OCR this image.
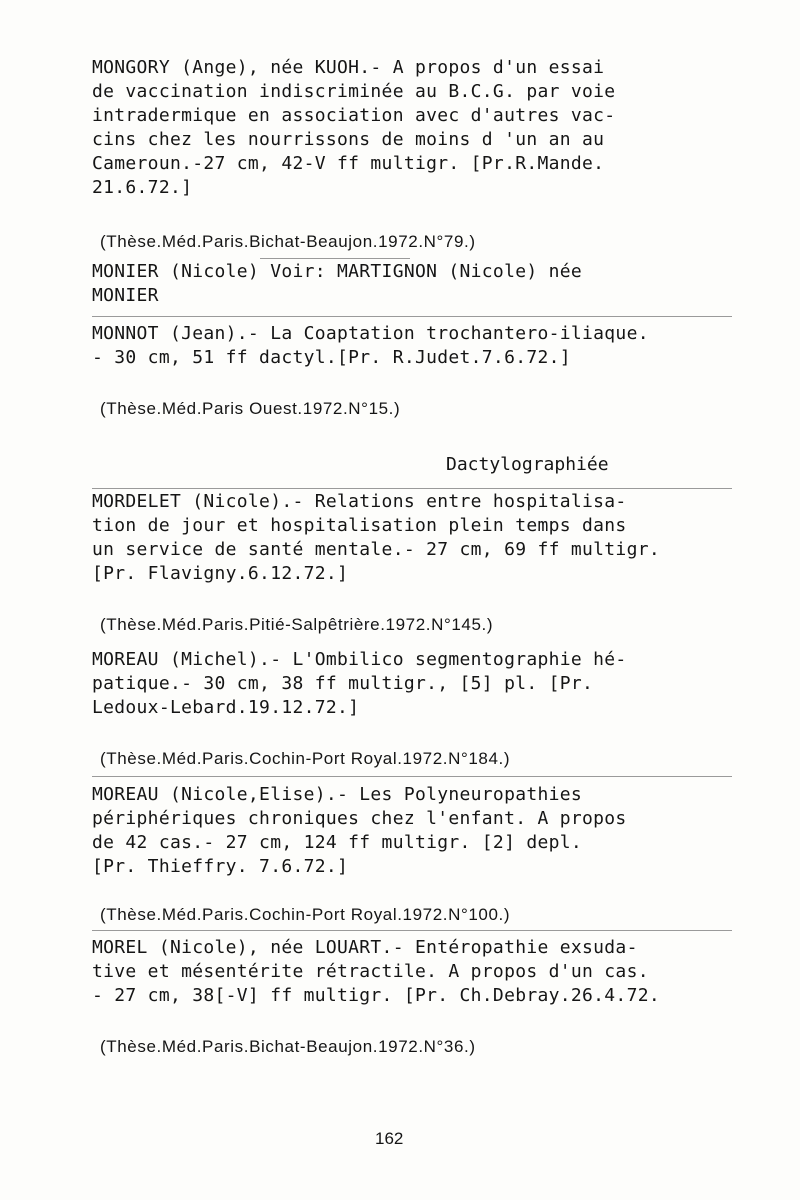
MONGORY (Ange), née KUOH.- A propos d'un essai
de vaccination indiscriminée au B.C.G. par voie
intradermique en association avec d'autres vac-
cins chez les nourrissons de moins d 'un an au
Cameroun.-27 cm, 42-V ff multigr. [Pr.R.Mande.
21.6.72.]
(Thèse.Méd.Paris.Bichat-Beaujon.1972.N°79.)
MONIER (Nicole) Voir: MARTIGNON (Nicole) née
MONIER
MONNOT (Jean).- La Coaptation trochantero-iliaque.
- 30 cm, 51 ff dactyl.[Pr. R.Judet.7.6.72.]
(Thèse.Méd.Paris Ouest.1972.N°15.)
Dactylographiée
MORDELET (Nicole).- Relations entre hospitalisa-
tion de jour et hospitalisation plein temps dans
un service de santé mentale.- 27 cm, 69 ff multigr.
[Pr. Flavigny.6.12.72.]
(Thèse.Méd.Paris.Pitié-Salpêtrière.1972.N°145.)
MOREAU (Michel).- L'Ombilico segmentographie hé-
patique.- 30 cm, 38 ff multigr., [5] pl. [Pr.
Ledoux-Lebard.19.12.72.]
(Thèse.Méd.Paris.Cochin-Port Royal.1972.N°184.)
MOREAU (Nicole,Elise).- Les Polyneuropathies
périphériques chroniques chez l'enfant. A propos
de 42 cas.- 27 cm, 124 ff multigr. [2] depl.
[Pr. Thieffry. 7.6.72.]
(Thèse.Méd.Paris.Cochin-Port Royal.1972.N°100.)
MOREL (Nicole), née LOUART.- Entéropathie exsuda-
tive et mésentérite rétractile. A propos d'un cas.
- 27 cm, 38[-V] ff multigr. [Pr. Ch.Debray.26.4.72.
(Thèse.Méd.Paris.Bichat-Beaujon.1972.N°36.)
162
